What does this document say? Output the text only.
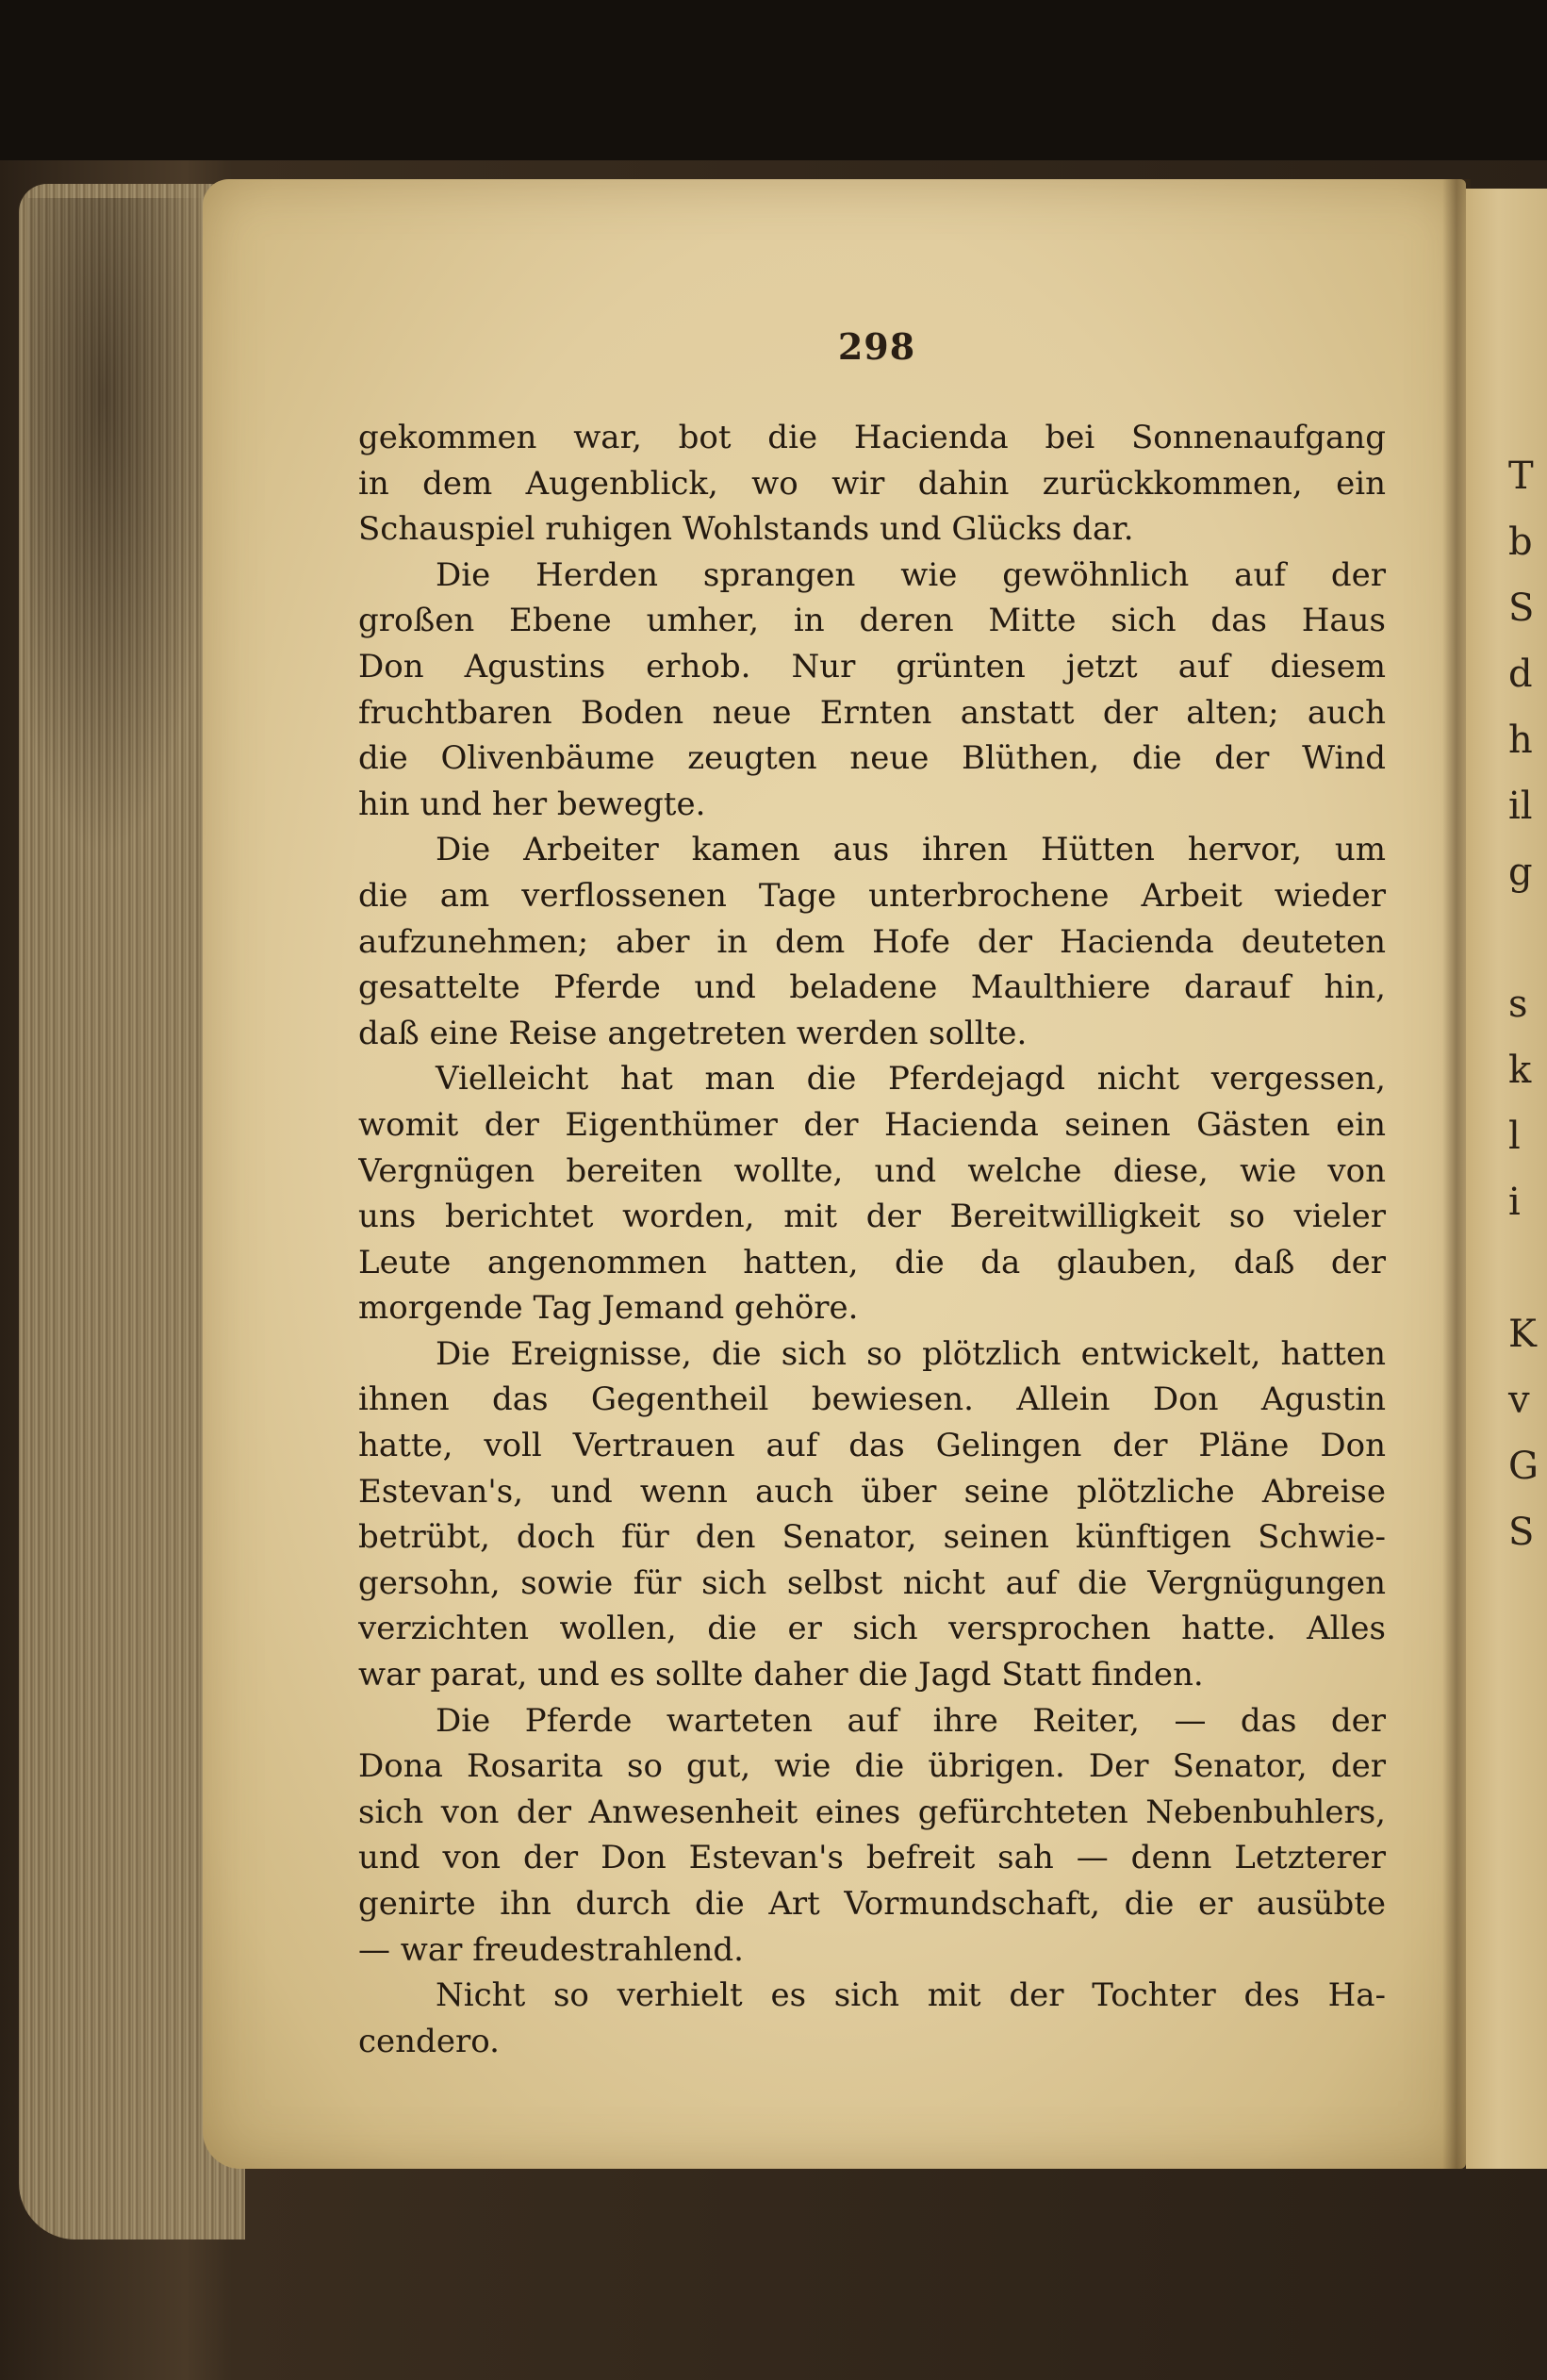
T
b
S
d
h
il
g
s
k
l
i
K
v
G
S
298
gekommen war, bot die Hacienda bei Sonnenaufgang
in dem Augenblick, wo wir dahin zurückkommen, ein
Schauspiel ruhigen Wohlstands und Glücks dar.
Die Herden sprangen wie gewöhnlich auf der
großen Ebene umher, in deren Mitte sich das Haus
Don Agustins erhob. Nur grünten jetzt auf diesem
fruchtbaren Boden neue Ernten anstatt der alten; auch
die Olivenbäume zeugten neue Blüthen, die der Wind
hin und her bewegte.
Die Arbeiter kamen aus ihren Hütten hervor, um
die am verflossenen Tage unterbrochene Arbeit wieder
aufzunehmen; aber in dem Hofe der Hacienda deuteten
gesattelte Pferde und beladene Maulthiere darauf hin,
daß eine Reise angetreten werden sollte.
Vielleicht hat man die Pferdejagd nicht vergessen,
womit der Eigenthümer der Hacienda seinen Gästen ein
Vergnügen bereiten wollte, und welche diese, wie von
uns berichtet worden, mit der Bereitwilligkeit so vieler
Leute angenommen hatten, die da glauben, daß der
morgende Tag Jemand gehöre.
Die Ereignisse, die sich so plötzlich entwickelt, hatten
ihnen das Gegentheil bewiesen. Allein Don Agustin
hatte, voll Vertrauen auf das Gelingen der Pläne Don
Estevan's, und wenn auch über seine plötzliche Abreise
betrübt, doch für den Senator, seinen künftigen Schwie-
gersohn, sowie für sich selbst nicht auf die Vergnügungen
verzichten wollen, die er sich versprochen hatte. Alles
war parat, und es sollte daher die Jagd Statt finden.
Die Pferde warteten auf ihre Reiter, — das der
Dona Rosarita so gut, wie die übrigen. Der Senator, der
sich von der Anwesenheit eines gefürchteten Nebenbuhlers,
und von der Don Estevan's befreit sah — denn Letzterer
genirte ihn durch die Art Vormundschaft, die er ausübte
— war freudestrahlend.
Nicht so verhielt es sich mit der Tochter des Ha-
cendero.
